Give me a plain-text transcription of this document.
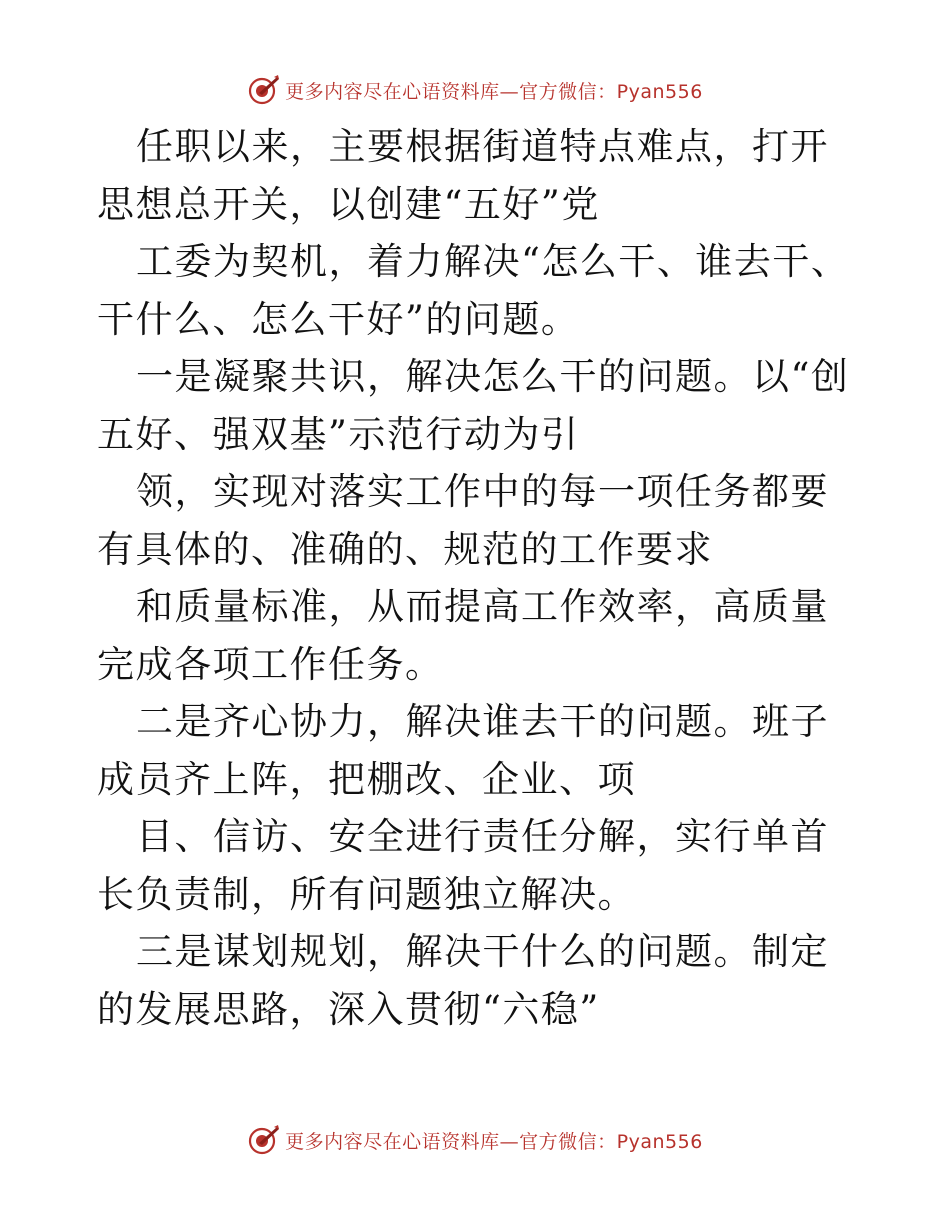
更多内容尽在心语资料库—官方微信：Pyan556

任职以来，主要根据街道特点难点，打开思想总开关，以创建“五好”党

工委为契机，着力解决“怎么干、谁去干、干什么、怎么干好”的问题。

一是凝聚共识，解决怎么干的问题。以“创五好、强双基”示范行动为引

领，实现对落实工作中的每一项任务都要有具体的、准确的、规范的工作要求

和质量标准，从而提高工作效率，高质量完成各项工作任务。

二是齐心协力，解决谁去干的问题。班子成员齐上阵，把棚改、企业、项

目、信访、安全进行责任分解，实行单首长负责制，所有问题独立解决。

三是谋划规划，解决干什么的问题。制定的发展思路，深入贯彻“六稳”

更多内容尽在心语资料库—官方微信：Pyan556
